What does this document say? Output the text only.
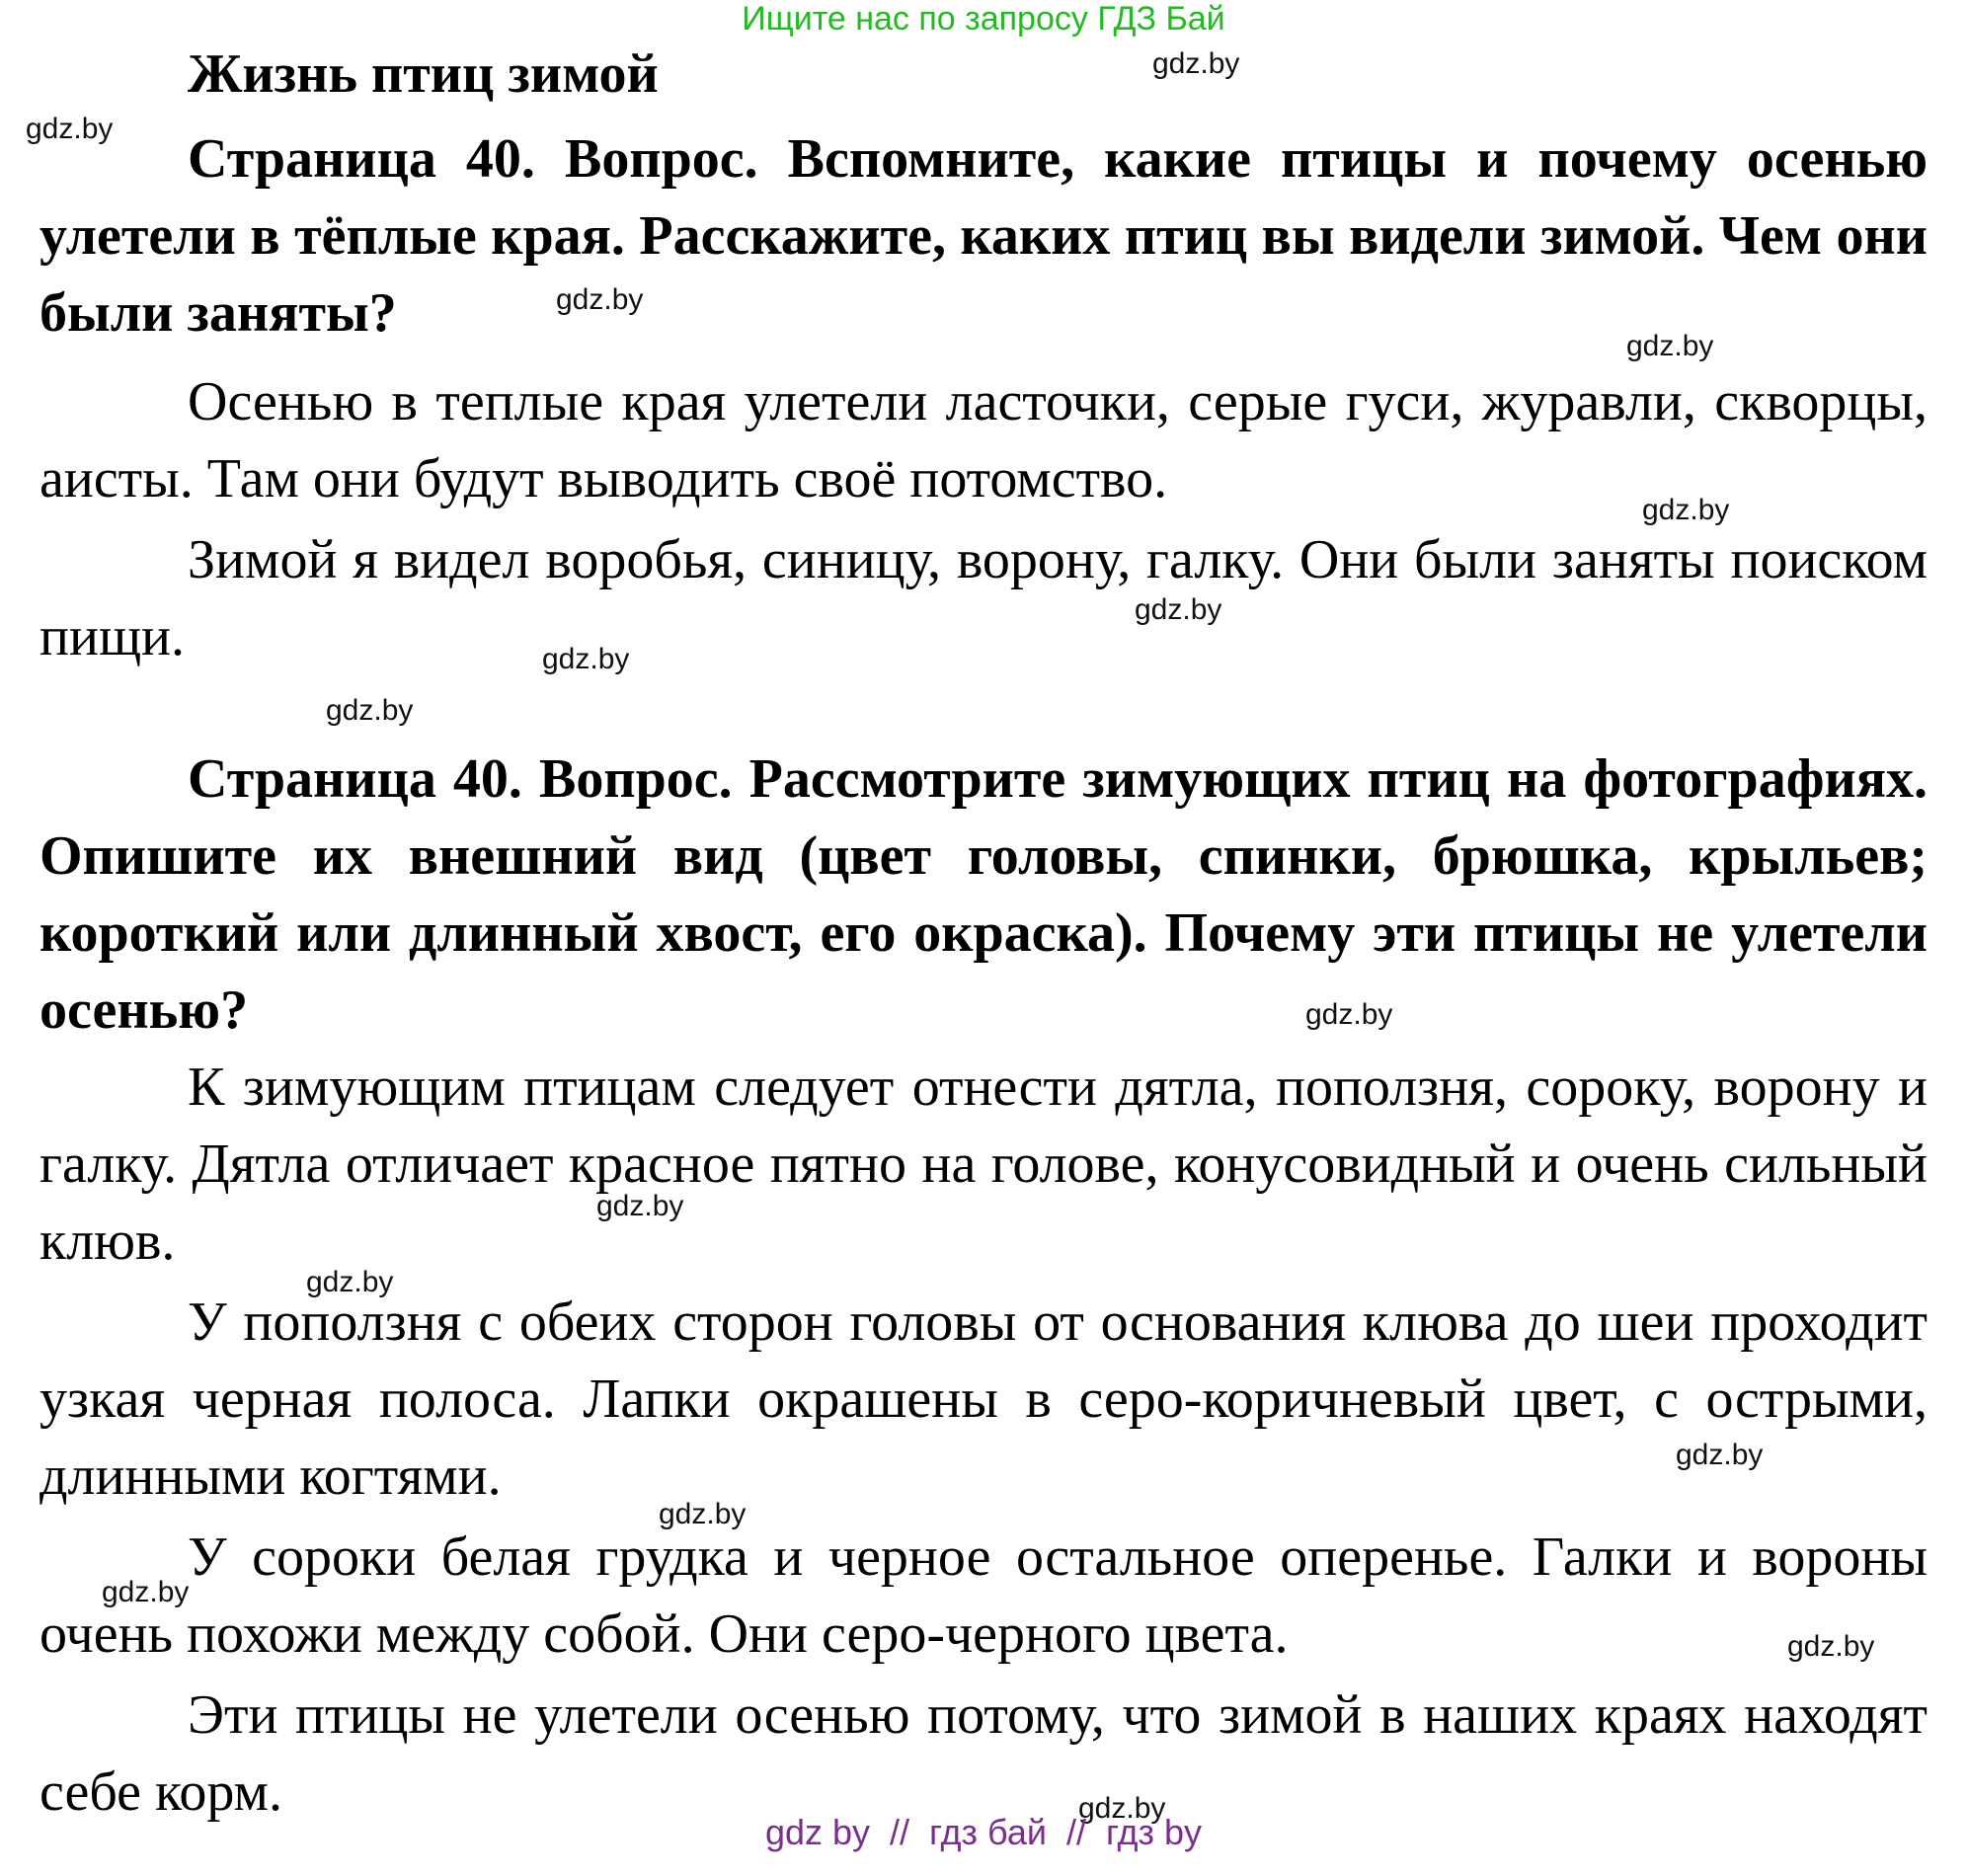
Ищите нас по запросу ГДЗ Бай

Жизнь птиц зимой

Страница 40. Вопрос. Вспомните, какие птицы и почему осенью улетели в тёплые края. Расскажите, каких птиц вы видели зимой. Чем они были заняты?

Осенью в теплые края улетели ласточки, серые гуси, журавли, скворцы, аисты. Там они будут выводить своё потомство.

Зимой я видел воробья, синицу, ворону, галку. Они были заняты поиском пищи.

Страница 40. Вопрос. Рассмотрите зимующих птиц на фотографиях. Опишите их внешний вид (цвет головы, спинки, брюшка, крыльев; короткий или длинный хвост, его окраска). Почему эти птицы не улетели осенью?

К зимующим птицам следует отнести дятла, поползня, сороку, ворону и галку. Дятла отличает красное пятно на голове, конусовидный и очень сильный клюв.

У поползня с обеих сторон головы от основания клюва до шеи проходит узкая черная полоса. Лапки окрашены в серо-коричневый цвет, с острыми, длинными когтями.

У сороки белая грудка и черное остальное оперенье. Галки и вороны очень похожи между собой. Они серо-черного цвета.

Эти птицы не улетели осенью потому, что зимой в наших краях находят себе корм.

gdz.by
gdz.by
gdz.by
gdz.by
gdz.by
gdz.by
gdz.by
gdz.by
gdz.by
gdz.by
gdz.by
gdz.by
gdz.by
gdz.by
gdz.by
gdz.by
gdz by  //  гдз бай  //  гдз by
